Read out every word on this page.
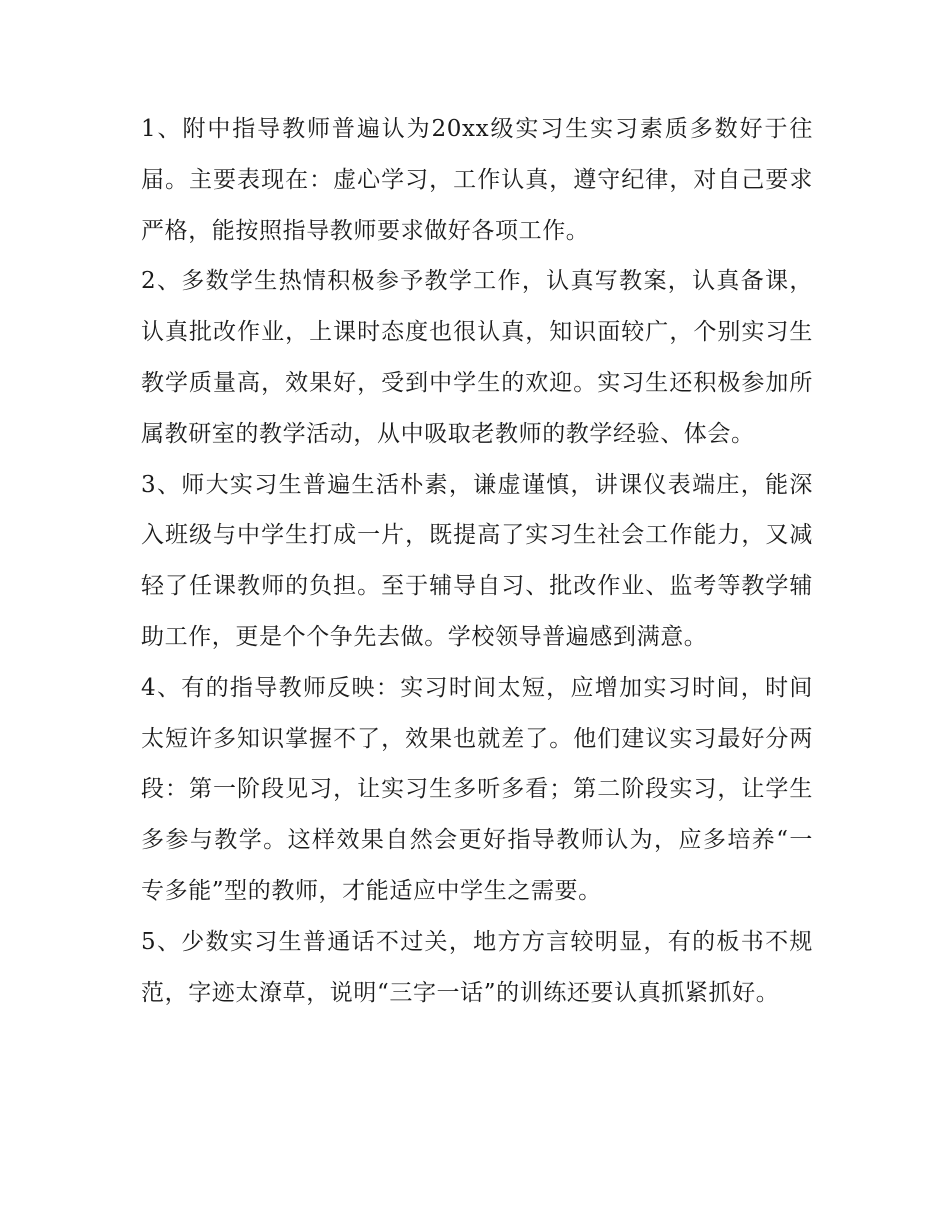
1、附中指导教师普遍认为20xx级实习生实习素质多数好于往届。主要表现在：虚心学习，工作认真，遵守纪律，对自己要求严格，能按照指导教师要求做好各项工作。

2、多数学生热情积极参予教学工作，认真写教案，认真备课，认真批改作业，上课时态度也很认真，知识面较广，个别实习生教学质量高，效果好，受到中学生的欢迎。实习生还积极参加所属教研室的教学活动，从中吸取老教师的教学经验、体会。

3、师大实习生普遍生活朴素，谦虚谨慎，讲课仪表端庄，能深入班级与中学生打成一片，既提高了实习生社会工作能力，又减轻了任课教师的负担。至于辅导自习、批改作业、监考等教学辅助工作，更是个个争先去做。学校领导普遍感到满意。

4、有的指导教师反映：实习时间太短，应增加实习时间，时间太短许多知识掌握不了，效果也就差了。他们建议实习最好分两段：第一阶段见习，让实习生多听多看；第二阶段实习，让学生多参与教学。这样效果自然会更好指导教师认为，应多培养“一专多能”型的教师，才能适应中学生之需要。

5、少数实习生普通话不过关，地方方言较明显，有的板书不规范，字迹太潦草，说明“三字一话”的训练还要认真抓紧抓好。
